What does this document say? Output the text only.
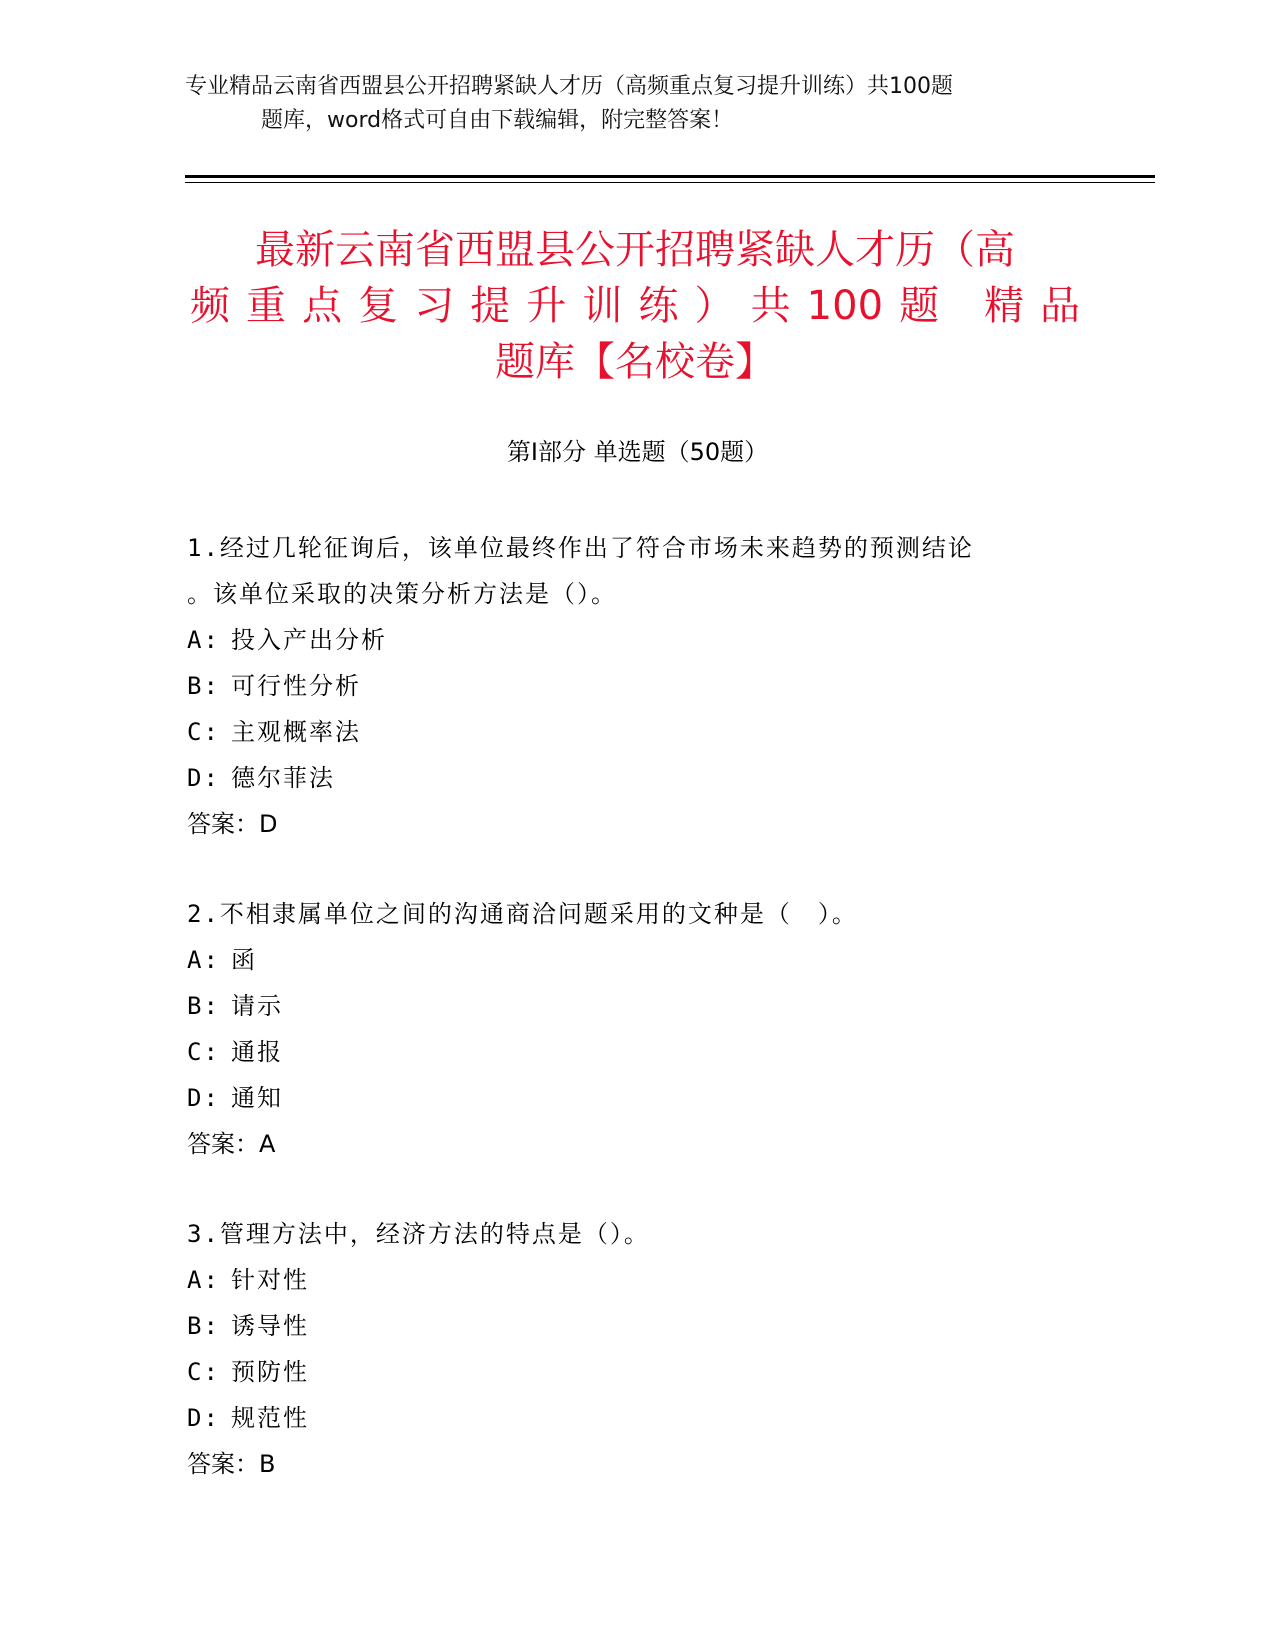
专业精品云南省西盟县公开招聘紧缺人才历（高频重点复习提升训练）共100题
题库，word格式可自由下载编辑，附完整答案！
最新云南省西盟县公开招聘紧缺人才历（高
频重点复习提升训练）共100题 精品
题库【名校卷】
第Ⅰ部分 单选题（50题）
1.经过几轮征询后，该单位最终作出了符合市场未来趋势的预测结论
。该单位采取的决策分析方法是（）。
A: 投入产出分析
B: 可行性分析
C: 主观概率法
D: 德尔菲法
答案：D
2.不相隶属单位之间的沟通商洽问题采用的文种是（　）。
A: 函
B: 请示
C: 通报
D: 通知
答案：A
3.管理方法中，经济方法的特点是（）。
A: 针对性
B: 诱导性
C: 预防性
D: 规范性
答案：B
